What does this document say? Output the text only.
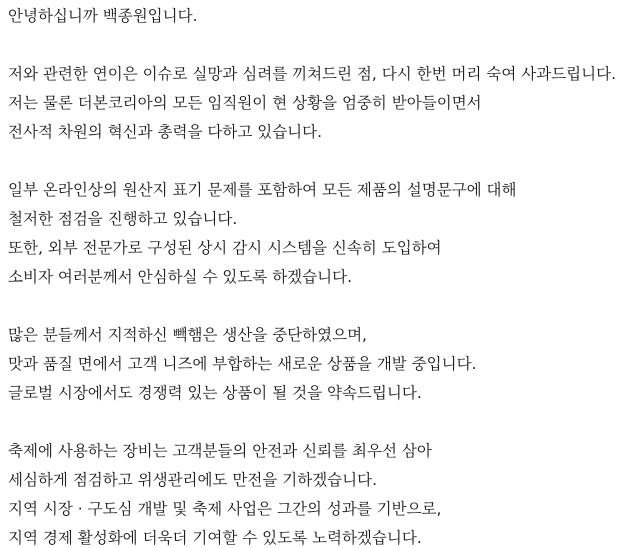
안녕하십니까 백종원입니다.
저와 관련한 연이은 이슈로 실망과 심려를 끼쳐드린 점, 다시 한번 머리 숙여 사과드립니다.
저는 물론 더본코리아의 모든 임직원이 현 상황을 엄중히 받아들이면서
전사적 차원의 혁신과 총력을 다하고 있습니다.
일부 온라인상의 원산지 표기 문제를 포함하여 모든 제품의 설명문구에 대해
철저한 점검을 진행하고 있습니다.
또한, 외부 전문가로 구성된 상시 감시 시스템을 신속히 도입하여
소비자 여러분께서 안심하실 수 있도록 하겠습니다.
많은 분들께서 지적하신 빽햄은 생산을 중단하였으며,
맛과 품질 면에서 고객 니즈에 부합하는 새로운 상품을 개발 중입니다.
글로벌 시장에서도 경쟁력 있는 상품이 될 것을 약속드립니다.
축제에 사용하는 장비는 고객분들의 안전과 신뢰를 최우선 삼아
세심하게 점검하고 위생관리에도 만전을 기하겠습니다.
지역 시장 · 구도심 개발 및 축제 사업은 그간의 성과를 기반으로,
지역 경제 활성화에 더욱더 기여할 수 있도록 노력하겠습니다.
